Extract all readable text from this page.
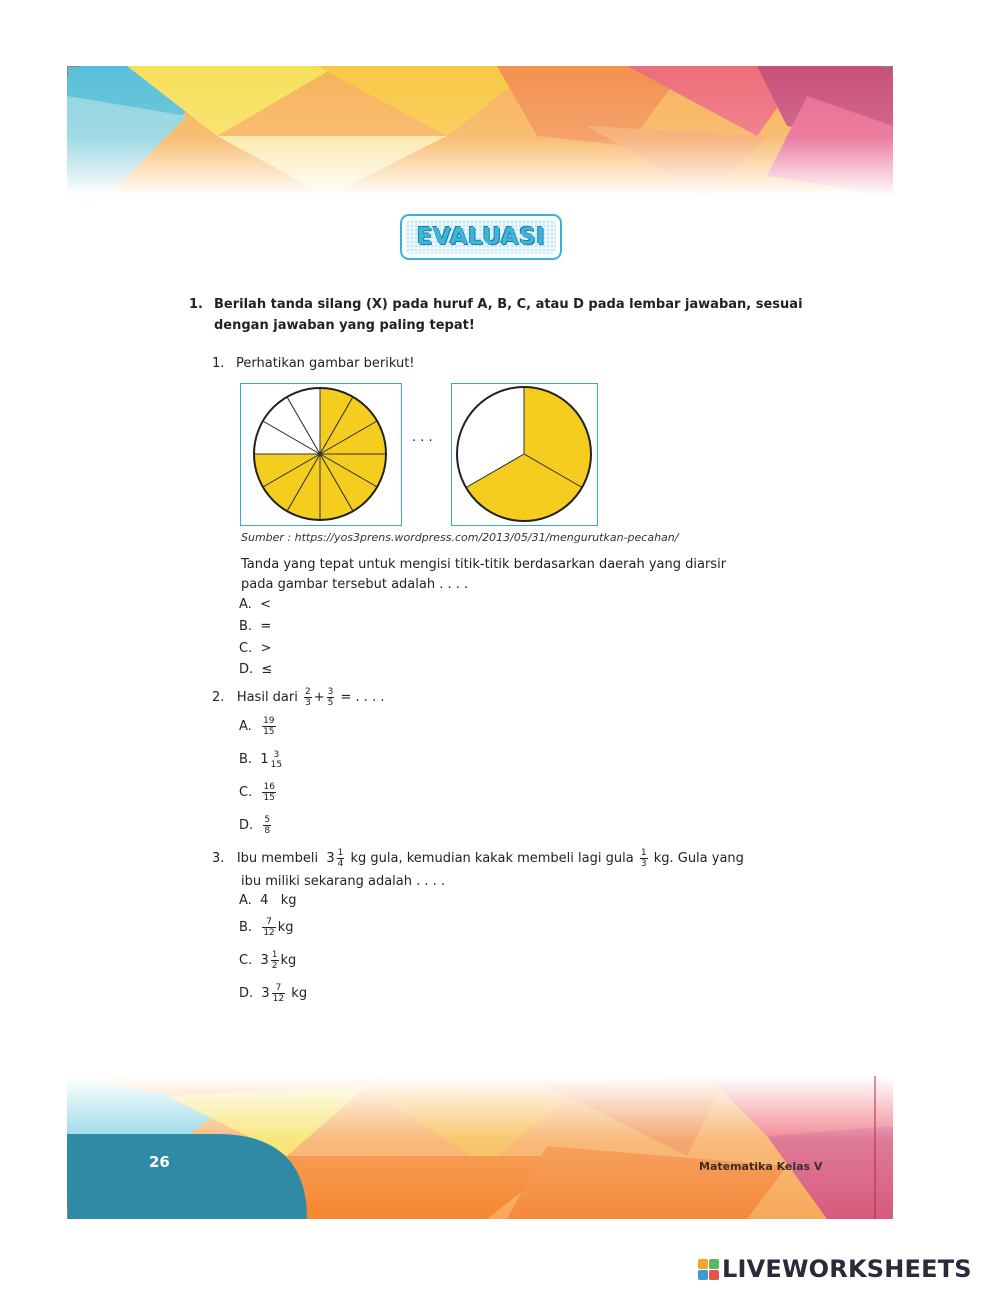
EVALUASI
1. Berilah tanda silang (X) pada huruf A, B, C, atau D pada lembar jawaban, sesuai
dengan jawaban yang paling tepat!
1. Perhatikan gambar berikut!
. . .
Sumber : https://yos3prens.wordpress.com/2013/05/31/mengurutkan-pecahan/
Tanda yang tepat untuk mengisi titik-titik berdasarkan daerah yang diarsir
pada gambar tersebut adalah . . . .
A. <
B. =
C. >
D. ≤
2. Hasil dari $\frac{2}{3} + \frac{3}{5}$ = . . . .
A. $\frac{19}{15}$
B. 1 3
15
C. $\frac{16}{15}$
D. $\frac{5}{8}$
3. Ibu membeli $3 \frac{1}{4}$ kg gula, kemudian kakak membeli lagi gula $\frac{1}{3}$ kg. Gula yang
ibu miliki sekarang adalah . . . .
A. 4   kg
B. $\frac{7}{12}$ kg
C. $3 \frac{1}{2}$ kg
D. $3 \frac{7}{12}$ kg
26	Matematika Kelas V
LIVEWORKSHEETS
